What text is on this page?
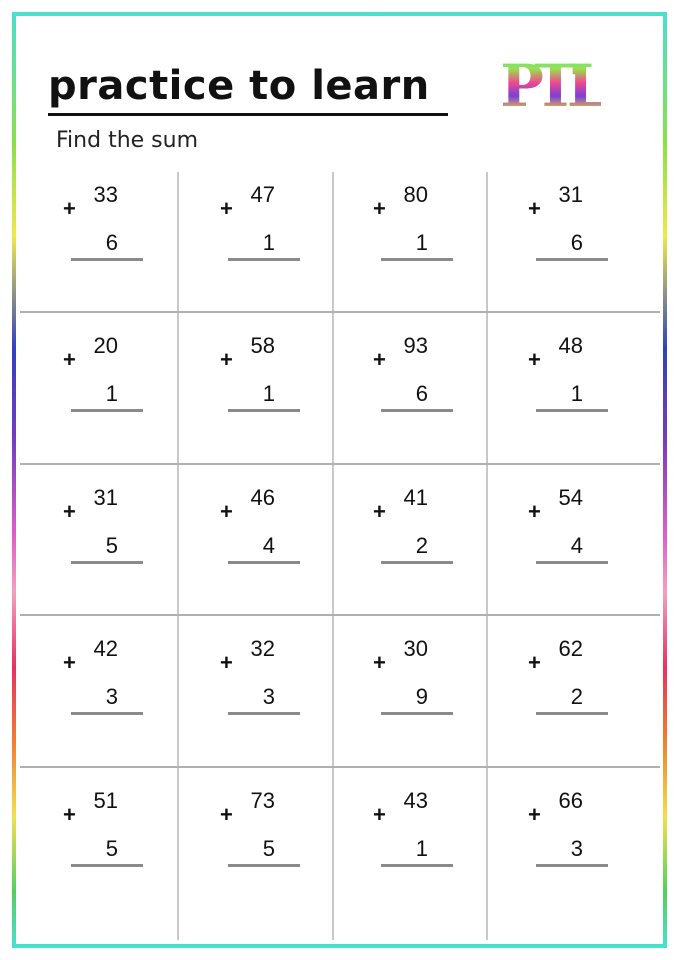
practice to learn PTL

Find the sum

33
+
6
47
+
1
80
+
1
31
+
6
20
+
1
58
+
1
93
+
6
48
+
1
31
+
5
46
+
4
41
+
2
54
+
4
42
+
3
32
+
3
30
+
9
62
+
2
51
+
5
73
+
5
43
+
1
66
+
3
